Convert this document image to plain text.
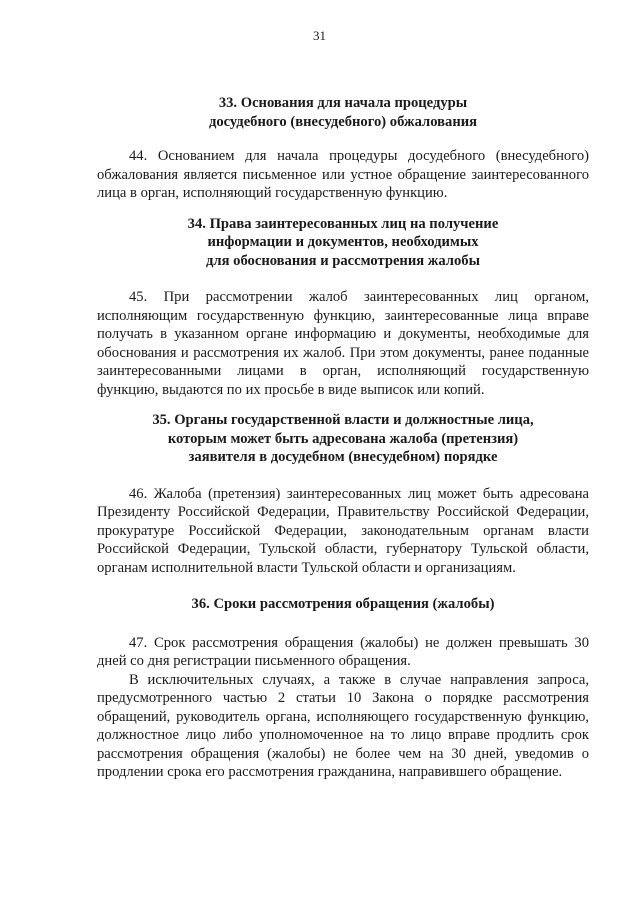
31
33. Основания для начала процедуры
досудебного (внесудебного) обжалования
44. Основанием для начала процедуры досудебного (внесудебного)
обжалования является письменное или устное обращение заинтересованного
лица в орган, исполняющий государственную функцию.
34. Права заинтересованных лиц на получение
информации и документов, необходимых
для обоснования и рассмотрения жалобы
45. При рассмотрении жалоб заинтересованных лиц органом,
исполняющим государственную функцию, заинтересованные лица вправе
получать в указанном органе информацию и документы, необходимые для
обоснования и рассмотрения их жалоб. При этом документы, ранее поданные
заинтересованными лицами в орган, исполняющий государственную
функцию, выдаются по их просьбе в виде выписок или копий.
35. Органы государственной власти и должностные лица,
которым может быть адресована жалоба (претензия)
заявителя в досудебном (внесудебном) порядке
46. Жалоба (претензия) заинтересованных лиц может быть адресована
Президенту Российской Федерации, Правительству Российской Федерации,
прокуратуре Российской Федерации, законодательным органам власти
Российской Федерации, Тульской области, губернатору Тульской области,
органам исполнительной власти Тульской области и организациям.
36. Сроки рассмотрения обращения (жалобы)
47. Срок рассмотрения обращения (жалобы) не должен превышать 30
дней со дня регистрации письменного обращения.
В исключительных случаях, а также в случае направления запроса,
предусмотренного частью 2 статьи 10 Закона о порядке рассмотрения
обращений, руководитель органа, исполняющего государственную функцию,
должностное лицо либо уполномоченное на то лицо вправе продлить срок
рассмотрения обращения (жалобы) не более чем на 30 дней, уведомив о
продлении срока его рассмотрения гражданина, направившего обращение.
